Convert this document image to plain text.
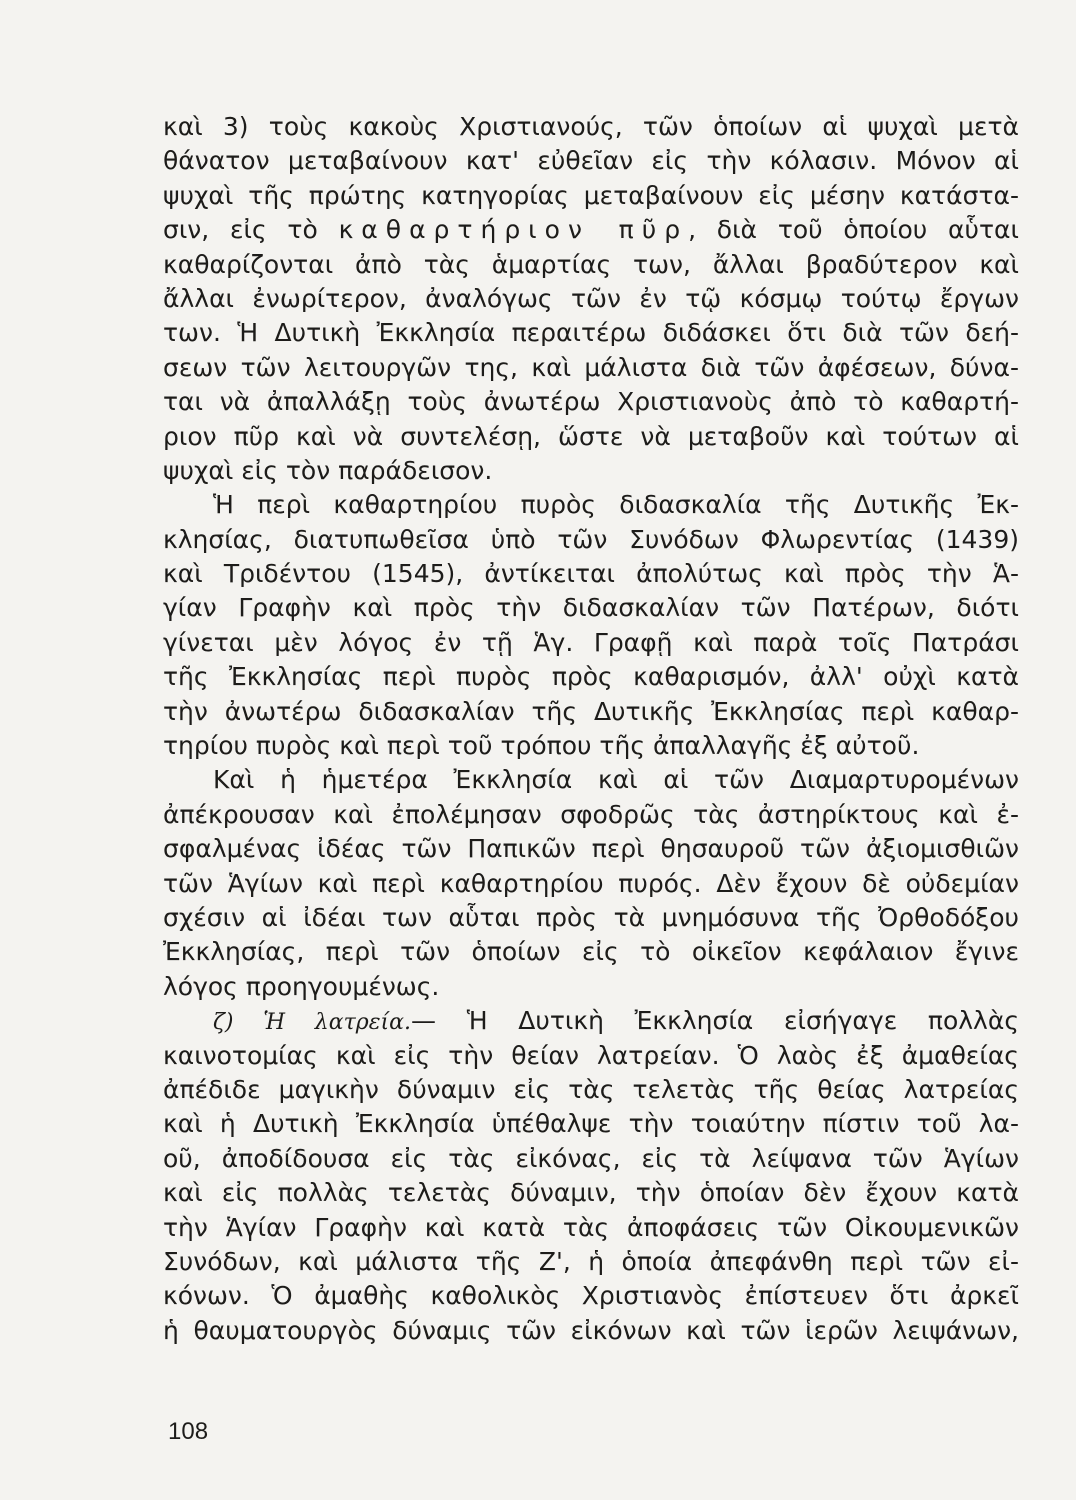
καὶ 3) τοὺς κακοὺς Χριστιανούς, τῶν ὁποίων αἱ ψυχαὶ μετὰ
θάνατον μεταβαίνουν κατ' εὐθεῖαν εἰς τὴν κόλασιν. Μόνον αἱ
ψυχαὶ τῆς πρώτης κατηγορίας μεταβαίνουν εἰς μέσην κατάστα-
σιν, εἰς τὸ καθαρτήριον πῦρ, διὰ τοῦ ὁποίου αὗται
καθαρίζονται ἀπὸ τὰς ἁμαρτίας των, ἄλλαι βραδύτερον καὶ
ἄλλαι ἐνωρίτερον, ἀναλόγως τῶν ἐν τῷ κόσμῳ τούτῳ ἔργων
των. Ἡ Δυτικὴ Ἐκκλησία περαιτέρω διδάσκει ὅτι διὰ τῶν δεή-
σεων τῶν λειτουργῶν της, καὶ μάλιστα διὰ τῶν ἀφέσεων, δύνα-
ται νὰ ἀπαλλάξῃ τοὺς ἀνωτέρω Χριστιανοὺς ἀπὸ τὸ καθαρτή-
ριον πῦρ καὶ νὰ συντελέσῃ, ὥστε νὰ μεταβοῦν καὶ τούτων αἱ
ψυχαὶ εἰς τὸν παράδεισον.
Ἡ περὶ καθαρτηρίου πυρὸς διδασκαλία τῆς Δυτικῆς Ἐκ-
κλησίας, διατυπωθεῖσα ὑπὸ τῶν Συνόδων Φλωρεντίας (1439)
καὶ Τριδέντου (1545), ἀντίκειται ἀπολύτως καὶ πρὸς τὴν Ἁ-
γίαν Γραφὴν καὶ πρὸς τὴν διδασκαλίαν τῶν Πατέρων, διότι
γίνεται μὲν λόγος ἐν τῇ Ἁγ. Γραφῇ καὶ παρὰ τοῖς Πατράσι
τῆς Ἐκκλησίας περὶ πυρὸς πρὸς καθαρισμόν, ἀλλ' οὐχὶ κατὰ
τὴν ἀνωτέρω διδασκαλίαν τῆς Δυτικῆς Ἐκκλησίας περὶ καθαρ-
τηρίου πυρὸς καὶ περὶ τοῦ τρόπου τῆς ἀπαλλαγῆς ἐξ αὐτοῦ.
Καὶ ἡ ἡμετέρα Ἐκκλησία καὶ αἱ τῶν Διαμαρτυρομένων
ἀπέκρουσαν καὶ ἐπολέμησαν σφοδρῶς τὰς ἀστηρίκτους καὶ ἐ-
σφαλμένας ἰδέας τῶν Παπικῶν περὶ θησαυροῦ τῶν ἀξιομισθιῶν
τῶν Ἁγίων καὶ περὶ καθαρτηρίου πυρός. Δὲν ἔχουν δὲ οὐδεμίαν
σχέσιν αἱ ἰδέαι των αὗται πρὸς τὰ μνημόσυνα τῆς Ὀρθοδόξου
Ἐκκλησίας, περὶ τῶν ὁποίων εἰς τὸ οἰκεῖον κεφάλαιον ἔγινε
λόγος προηγουμένως.
ζ) Ἡ λατρεία.— Ἡ Δυτικὴ Ἐκκλησία εἰσήγαγε πολλὰς
καινοτομίας καὶ εἰς τὴν θείαν λατρείαν. Ὁ λαὸς ἐξ ἀμαθείας
ἀπέδιδε μαγικὴν δύναμιν εἰς τὰς τελετὰς τῆς θείας λατρείας
καὶ ἡ Δυτικὴ Ἐκκλησία ὑπέθαλψε τὴν τοιαύτην πίστιν τοῦ λα-
οῦ, ἀποδίδουσα εἰς τὰς εἰκόνας, εἰς τὰ λείψανα τῶν Ἁγίων
καὶ εἰς πολλὰς τελετὰς δύναμιν, τὴν ὁποίαν δὲν ἔχουν κατὰ
τὴν Ἁγίαν Γραφὴν καὶ κατὰ τὰς ἀποφάσεις τῶν Οἰκουμενικῶν
Συνόδων, καὶ μάλιστα τῆς Ζ', ἡ ὁποία ἀπεφάνθη περὶ τῶν εἰ-
κόνων. Ὁ ἀμαθὴς καθολικὸς Χριστιανὸς ἐπίστευεν ὅτι ἀρκεῖ
ἡ θαυματουργὸς δύναμις τῶν εἰκόνων καὶ τῶν ἱερῶν λειψάνων,
108
